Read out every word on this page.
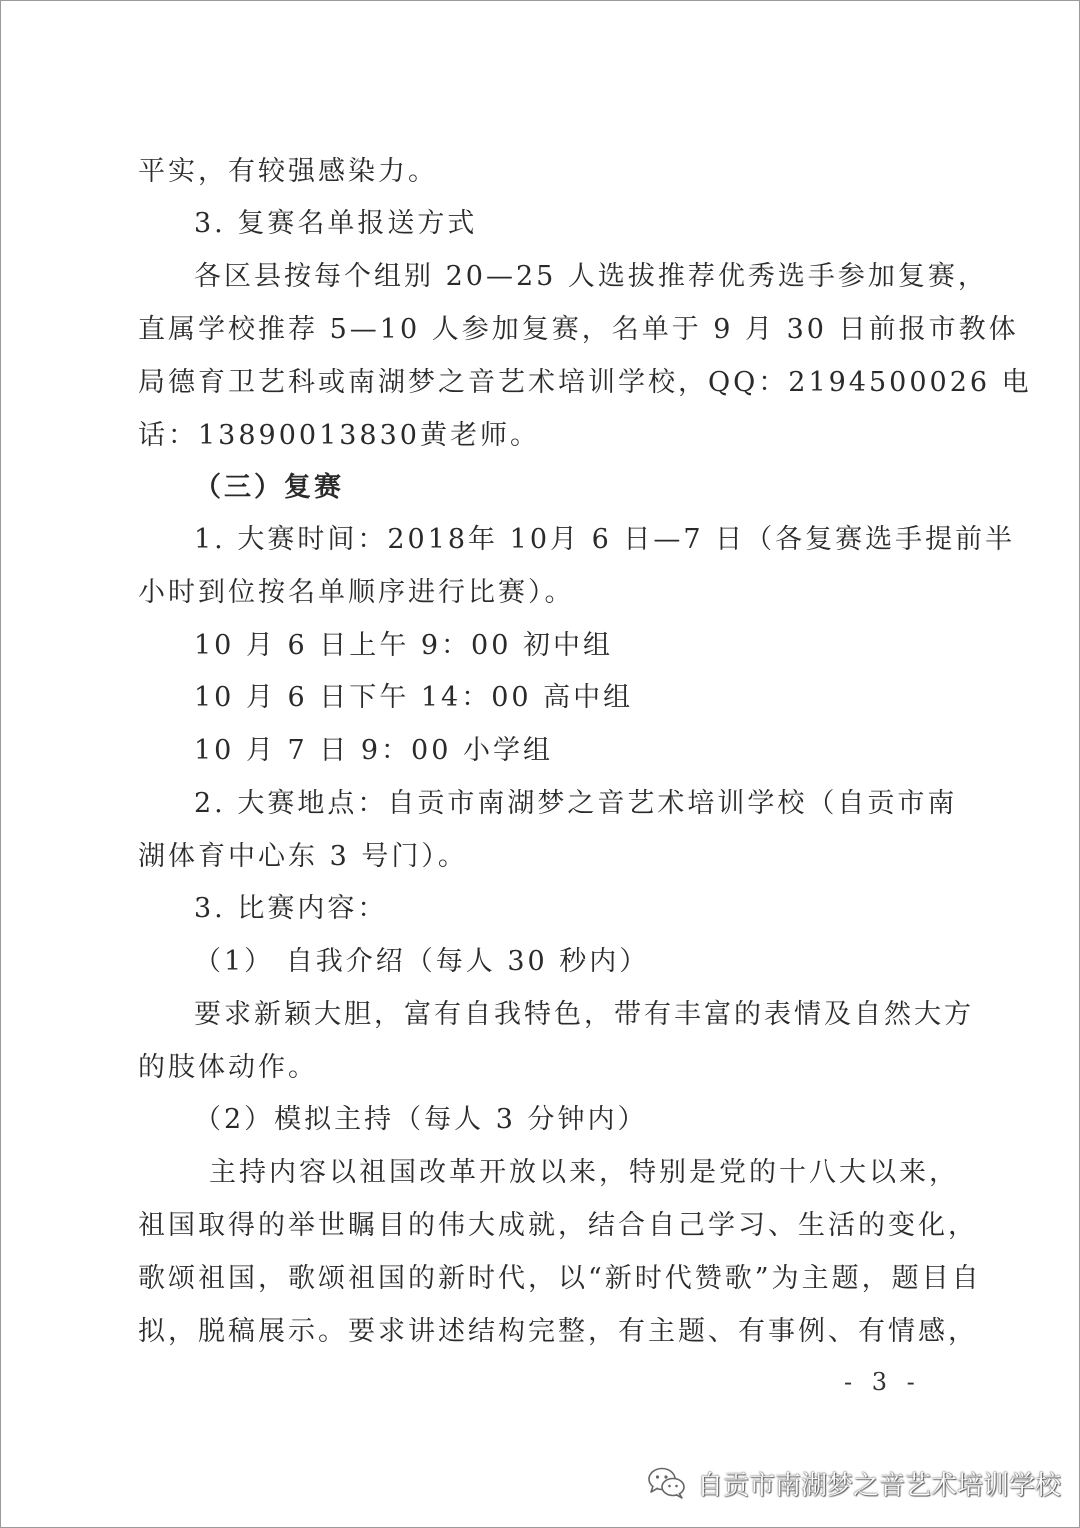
平实，有较强感染力。
3. 复赛名单报送方式
各区县按每个组别 20—25 人选拔推荐优秀选手参加复赛，
直属学校推荐 5—10 人参加复赛，名单于 9 月 30 日前报市教体
局德育卫艺科或南湖梦之音艺术培训学校，QQ：2194500026 电
话：13890013830黄老师。
（三）复赛
1. 大赛时间：2018年 10月 6 日—7 日（各复赛选手提前半
小时到位按名单顺序进行比赛）。
10 月 6 日上午 9：00 初中组
10 月 6 日下午 14：00 高中组
10 月 7 日 9：00 小学组
2. 大赛地点：自贡市南湖梦之音艺术培训学校（自贡市南
湖体育中心东 3 号门）。
3. 比赛内容：
（1） 自我介绍（每人 30 秒内）
要求新颖大胆，富有自我特色，带有丰富的表情及自然大方
的肢体动作。
（2）模拟主持（每人 3 分钟内）
主持内容以祖国改革开放以来，特别是党的十八大以来，
祖国取得的举世瞩目的伟大成就，结合自己学习、生活的变化，
歌颂祖国，歌颂祖国的新时代，以“新时代赞歌”为主题，题目自
拟，脱稿展示。要求讲述结构完整，有主题、有事例、有情感，
- 3 -
自贡市南湖梦之音艺术培训学校
